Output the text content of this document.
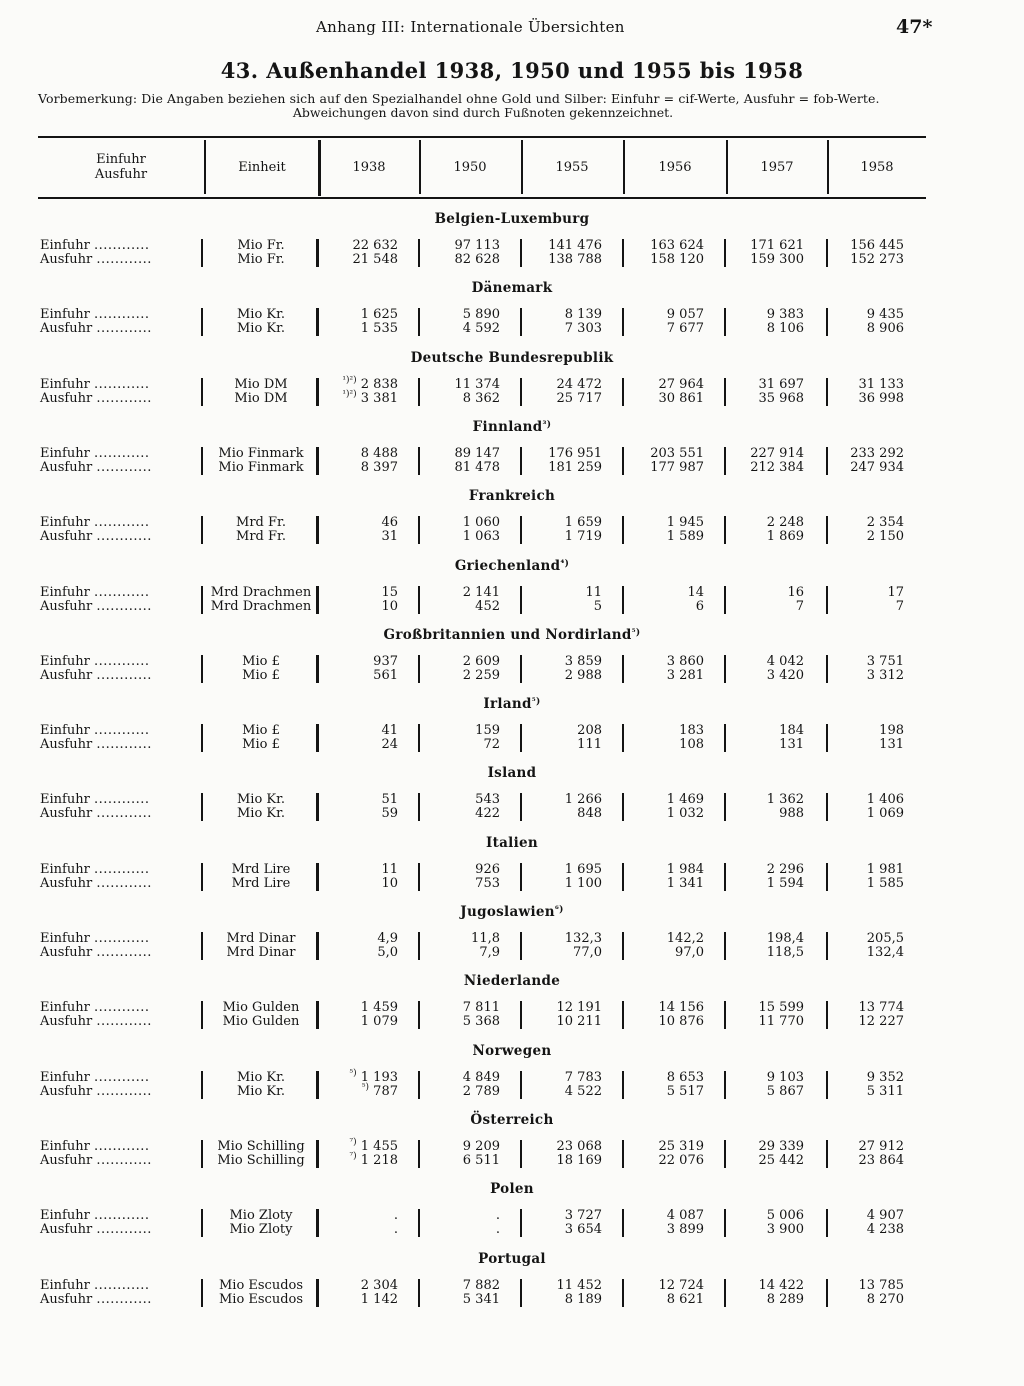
Anhang III: Internationale Übersichten	47*
43. Außenhandel 1938, 1950 und 1955 bis 1958
Vorbemerkung: Die Angaben beziehen sich auf den Spezialhandel ohne Gold und Silber: Einfuhr = cif-Werte, Ausfuhr = fob-Werte.
Abweichungen davon sind durch Fußnoten gekennzeichnet.
Einfuhr
Ausfuhr	Einheit	1938	1950	1955	1956	1957	1958
Belgien-Luxemburg
Einfuhr ............	Mio Fr.	22 632	97 113	141 476	163 624	171 621	156 445
Ausfuhr ............	Mio Fr.	21 548	82 628	138 788	158 120	159 300	152 273
Dänemark
Einfuhr ............	Mio Kr.	1 625	5 890	8 139	9 057	9 383	9 435
Ausfuhr ............	Mio Kr.	1 535	4 592	7 303	7 677	8 106	8 906
Deutsche Bundesrepublik
Einfuhr ............	Mio DM	$^{^1)^2)}$ 2 838	11 374	24 472	27 964	31 697	31 133
Ausfuhr ............	Mio DM	$^{^1)^2)}$ 3 381	8 362	25 717	30 861	35 968	36 998
Finnland$^{^3)}$
Einfuhr ............	Mio Finmark	8 488	89 147	176 951	203 551	227 914	233 292
Ausfuhr ............	Mio Finmark	8 397	81 478	181 259	177 987	212 384	247 934
Frankreich
Einfuhr ............	Mrd Fr.	46	1 060	1 659	1 945	2 248	2 354
Ausfuhr ............	Mrd Fr.	31	1 063	1 719	1 589	1 869	2 150
Griechenland$^{^4)}$
Einfuhr ............	Mrd Drachmen	15	2 141	11	14	16	17
Ausfuhr ............	Mrd Drachmen	10	452	5	6	7	7
Großbritannien und Nordirland$^{^5)}$
Einfuhr ............	Mio £	937	2 609	3 859	3 860	4 042	3 751
Ausfuhr ............	Mio £	561	2 259	2 988	3 281	3 420	3 312
Irland$^{^5)}$
Einfuhr ............	Mio £	41	159	208	183	184	198
Ausfuhr ............	Mio £	24	72	111	108	131	131
Island
Einfuhr ............	Mio Kr.	51	543	1 266	1 469	1 362	1 406
Ausfuhr ............	Mio Kr.	59	422	848	1 032	988	1 069
Italien
Einfuhr ............	Mrd Lire	11	926	1 695	1 984	2 296	1 981
Ausfuhr ............	Mrd Lire	10	753	1 100	1 341	1 594	1 585
Jugoslawien$^{^6)}$
Einfuhr ............	Mrd Dinar	4,9	11,8	132,3	142,2	198,4	205,5
Ausfuhr ............	Mrd Dinar	5,0	7,9	77,0	97,0	118,5	132,4
Niederlande
Einfuhr ............	Mio Gulden	1 459	7 811	12 191	14 156	15 599	13 774
Ausfuhr ............	Mio Gulden	1 079	5 368	10 211	10 876	11 770	12 227
Norwegen
Einfuhr ............	Mio Kr.	$^{^5)}$ 1 193	4 849	7 783	8 653	9 103	9 352
Ausfuhr ............	Mio Kr.	$^{^5)}$ 787	2 789	4 522	5 517	5 867	5 311
Österreich
Einfuhr ............	Mio Schilling	$^{^7)}$ 1 455	9 209	23 068	25 319	29 339	27 912
Ausfuhr ............	Mio Schilling	$^{^7)}$ 1 218	6 511	18 169	22 076	25 442	23 864
Polen
Einfuhr ............	Mio Zloty	.	.	3 727	4 087	5 006	4 907
Ausfuhr ............	Mio Zloty	.	.	3 654	3 899	3 900	4 238
Portugal
Einfuhr ............	Mio Escudos	2 304	7 882	11 452	12 724	14 422	13 785
Ausfuhr ............	Mio Escudos	1 142	5 341	8 189	8 621	8 289	8 270
